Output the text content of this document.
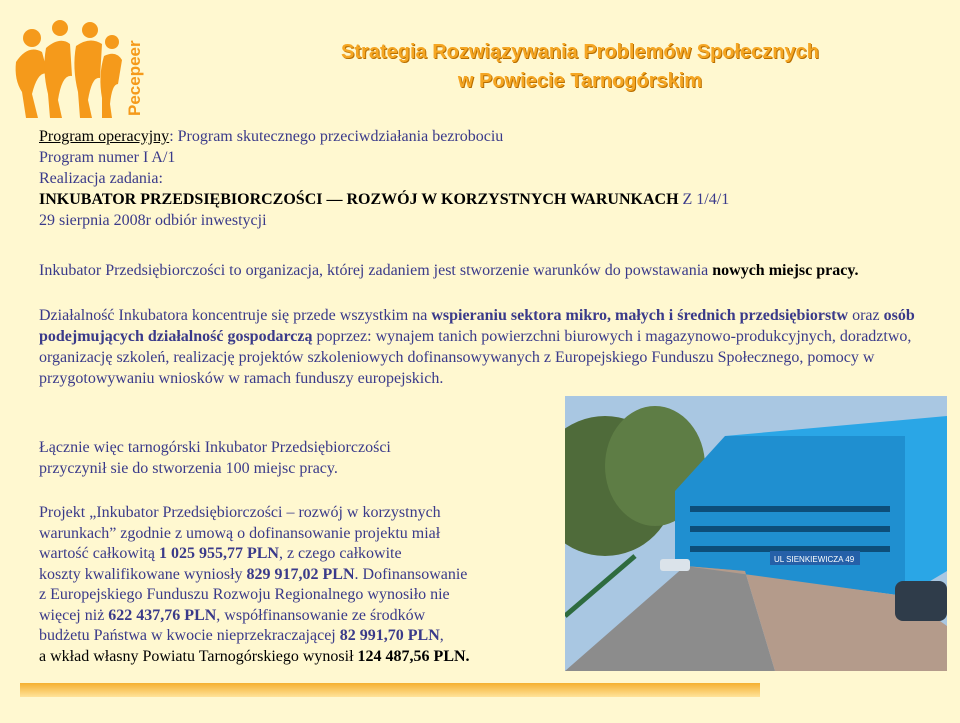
Pecepeer	Strategia Rozwiązywania Problemów Społecznych
w Powiecie Tarnogórskim
Program operacyjny: Program skutecznego przeciwdziałania bezrobociu
Program numer I A/1
Realizacja zadania:
INKUBATOR PRZEDSIĘBIORCZOŚCI — ROZWÓJ W KORZYSTNYCH WARUNKACH Z 1/4/1
29 sierpnia 2008r odbiór inwestycji
Inkubator Przedsiębiorczości to organizacja, której zadaniem jest stworzenie warunków do powstawania nowych miejsc pracy.
Działalność Inkubatora koncentruje się przede wszystkim na wspieraniu sektora mikro, małych i średnich przedsiębiorstw oraz osób podejmujących działalność gospodarczą poprzez: wynajem tanich powierzchni biurowych i magazynowo-produkcyjnych, doradztwo, organizację szkoleń, realizację projektów szkoleniowych dofinansowywanych z Europejskiego Funduszu Społecznego, pomocy w przygotowywaniu wniosków w ramach funduszy europejskich.
Łącznie więc tarnogórski Inkubator Przedsiębiorczości
przyczynił sie do stworzenia 100 miejsc pracy.
Projekt „Inkubator Przedsiębiorczości – rozwój w korzystnych
warunkach” zgodnie z umową o dofinansowanie projektu miał
wartość całkowitą 1 025 955,77 PLN, z czego całkowite
koszty kwalifikowane wyniosły 829 917,02 PLN. Dofinansowanie
z Europejskiego Funduszu Rozwoju Regionalnego wynosiło nie
więcej niż 622 437,76 PLN, współfinansowanie ze środków
budżetu Państwa w kwocie nieprzekraczającej 82 991,70 PLN,
a wkład własny Powiatu Tarnogórskiego wynosił 124 487,56 PLN.
UL SIENKIEWICZA 49
